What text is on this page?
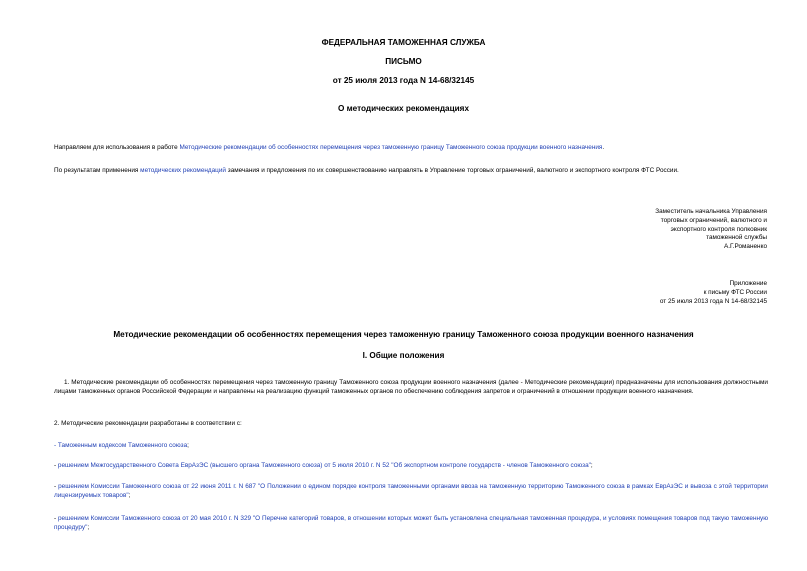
ФЕДЕРАЛЬНАЯ ТАМОЖЕННАЯ СЛУЖБА
ПИСЬМО
от 25 июля 2013 года N 14-68/32145
О методических рекомендациях
Направляем для использования в работе Методические рекомендации об особенностях перемещения через таможенную границу Таможенного союза продукции военного назначения.
По результатам применения методических рекомендаций замечания и предложения по их совершенствованию направлять в Управление торговых ограничений, валютного и экспортного контроля ФТС России.
Заместитель начальника Управления
торговых ограничений, валютного и
экспортного контроля полковник
таможенной службы
А.Г.Романенко
Приложение
к письму ФТС России
от 25 июля 2013 года N 14-68/32145
Методические рекомендации об особенностях перемещения через таможенную границу Таможенного союза продукции военного назначения
I. Общие положения
1. Методические рекомендации об особенностях перемещения через таможенную границу Таможенного союза продукции военного назначения (далее - Методические рекомендации) предназначены для использования должностными лицами таможенных органов Российской Федерации и направлены на реализацию функций таможенных органов по обеспечению соблюдения запретов и ограничений в отношении продукции военного назначения.
2. Методические рекомендации разработаны в соответствии с:
- Таможенным кодексом Таможенного союза;
- решением Межгосударственного Совета ЕврАзЭС (высшего органа Таможенного союза) от 5 июля 2010 г. N 52 "Об экспортном контроле государств - членов Таможенного союза";
- решением Комиссии Таможенного союза от 22 июня 2011 г. N 687 "О Положении о едином порядке контроля таможенными органами ввоза на таможенную территорию Таможенного союза в рамках ЕврАзЭС и вывоза с этой территории лицензируемых товаров";
- решением Комиссии Таможенного союза от 20 мая 2010 г. N 329 "О Перечне категорий товаров, в отношении которых может быть установлена специальная таможенная процедура, и условиях помещения товаров под такую таможенную процедуру";
